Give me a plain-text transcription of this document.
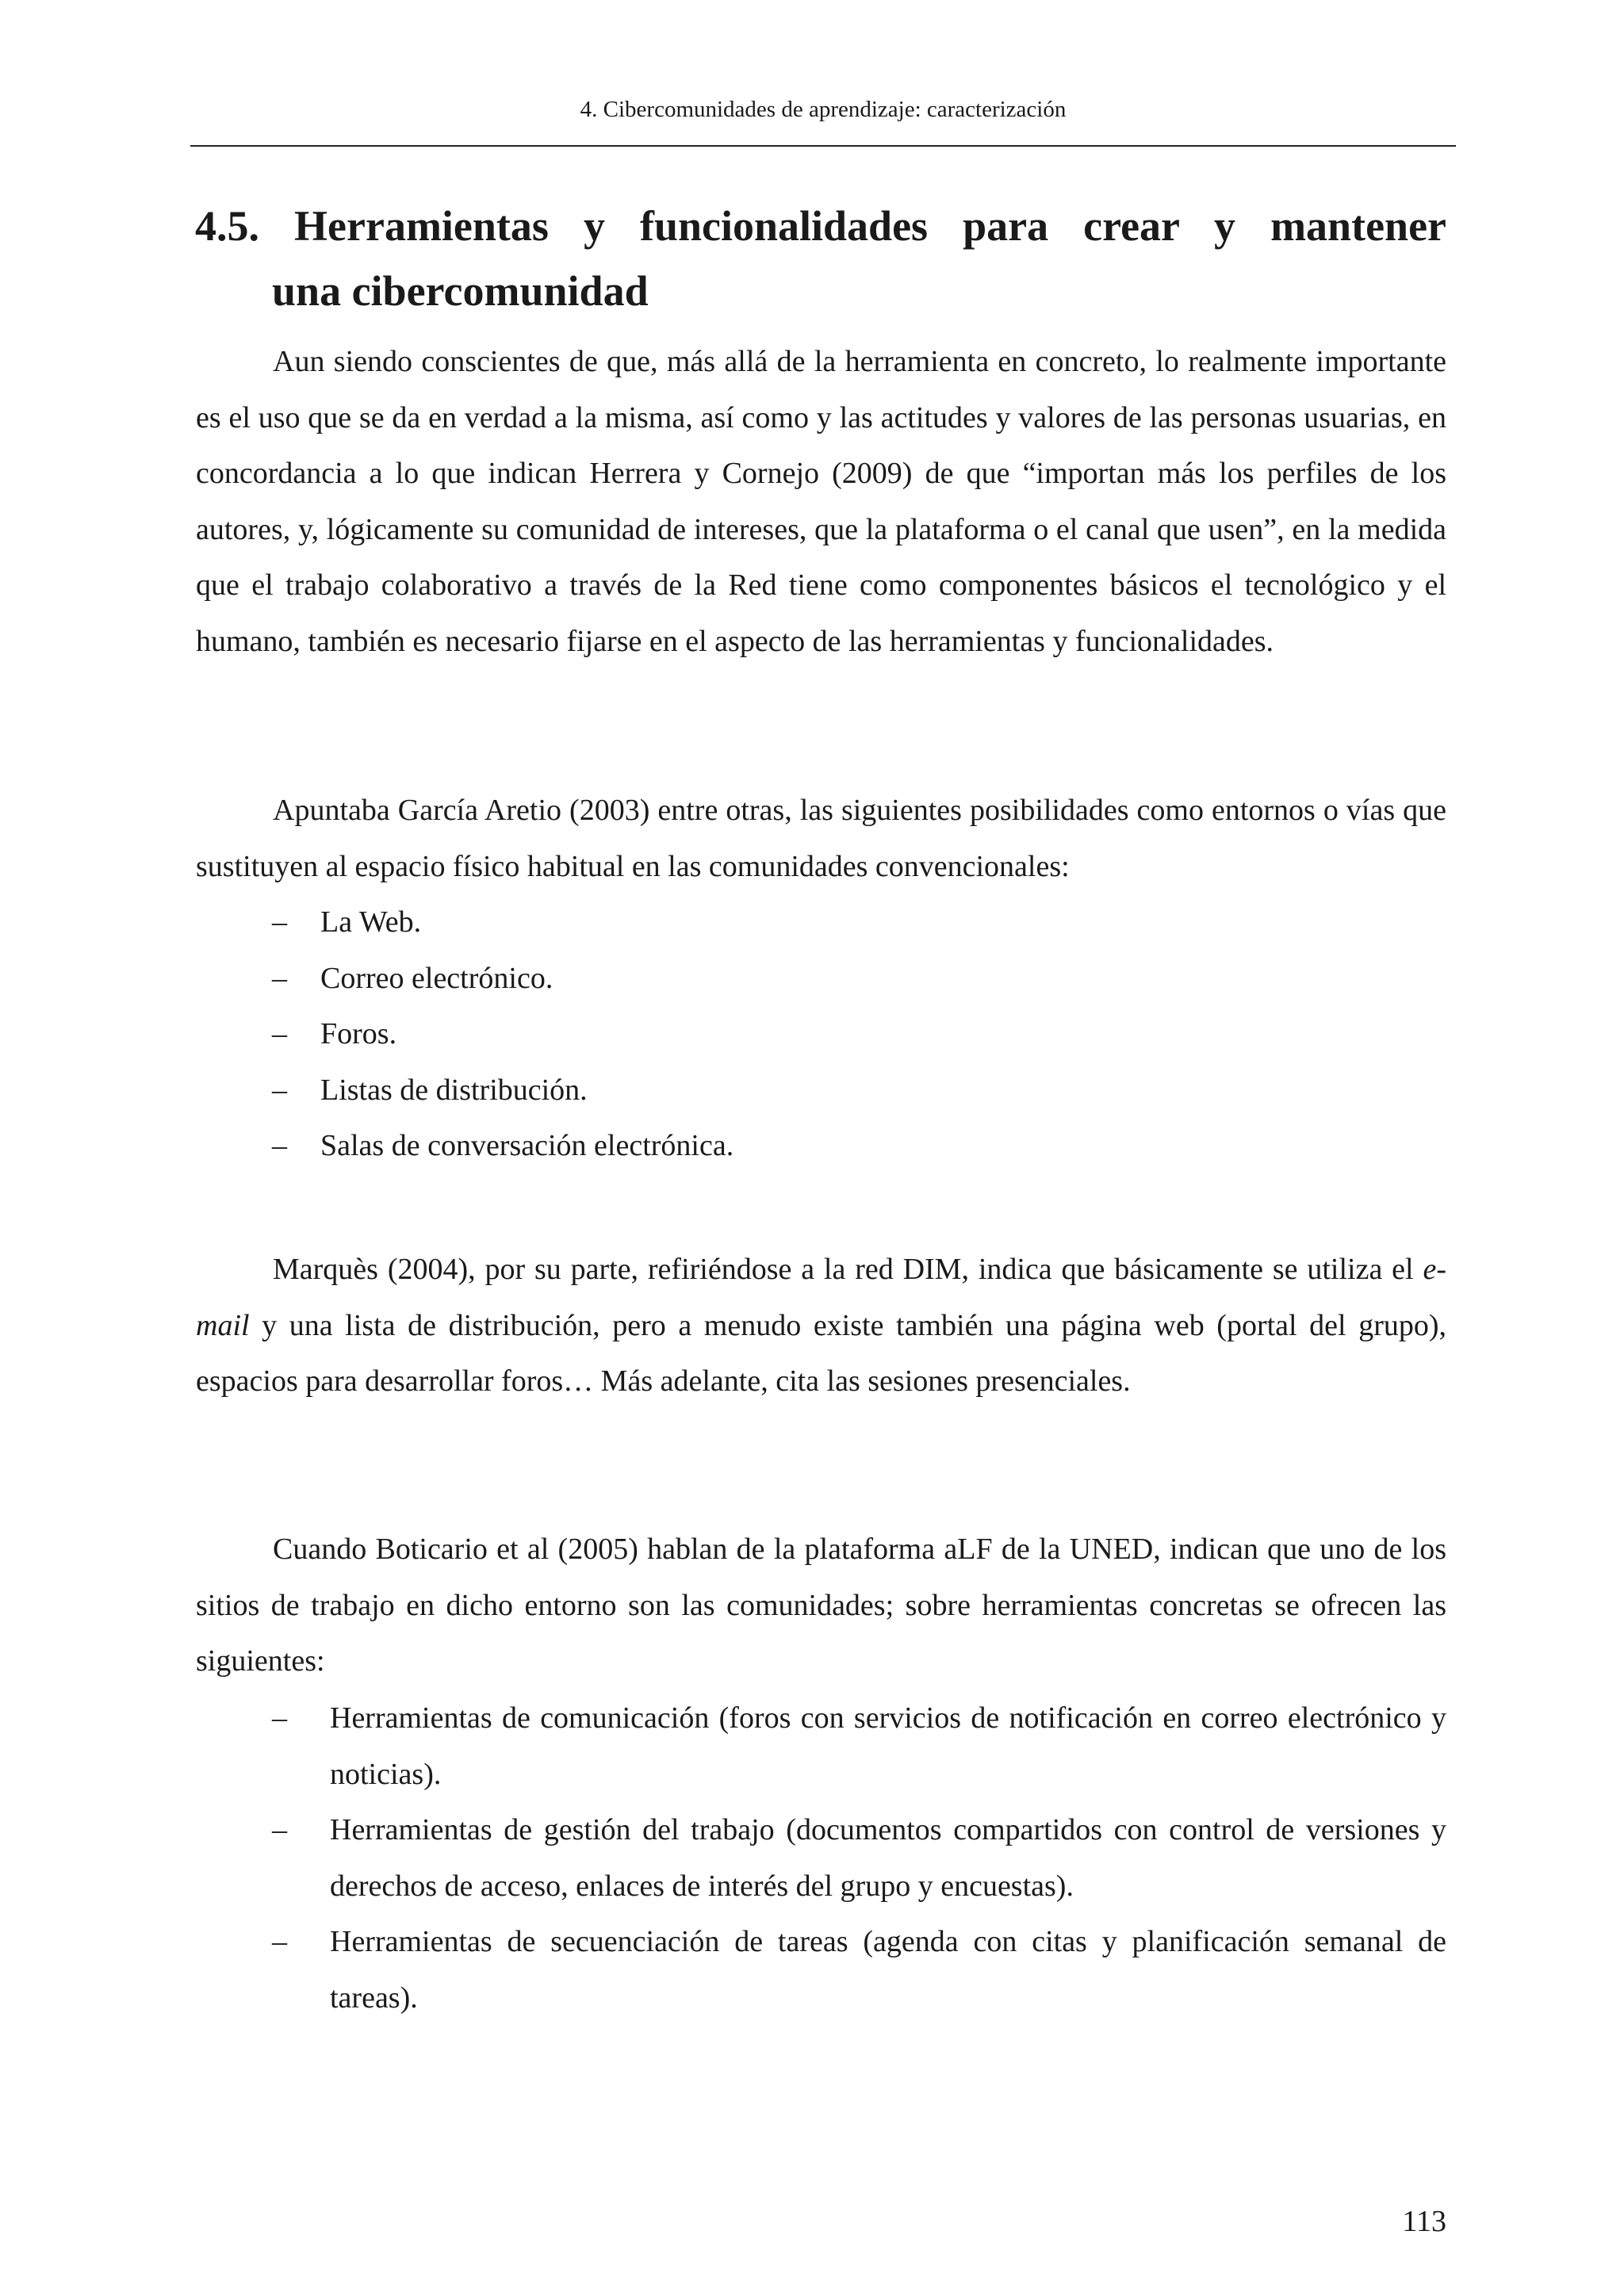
4. Cibercomunidades de aprendizaje: caracterización
4.5. Herramientas y funcionalidades para crear y mantener
una cibercomunidad

Aun siendo conscientes de que, más allá de la herramienta en concreto, lo realmente importante es el uso que se da en verdad a la misma, así como y las actitudes y valores de las personas usuarias, en concordancia a lo que indican Herrera y Cornejo (2009) de que “importan más los perfiles de los autores, y, lógicamente su comunidad de intereses, que la plataforma o el canal que usen”, en la medida que el trabajo colaborativo a través de la Red tiene como componentes básicos el tecnológico y el humano, también es necesario fijarse en el aspecto de las herramientas y funcionalidades.

Apuntaba García Aretio (2003) entre otras, las siguientes posibilidades como entornos o vías que sustituyen al espacio físico habitual en las comunidades convencionales:

– La Web.
– Correo electrónico.
– Foros.
– Listas de distribución.
– Salas de conversación electrónica.

Marquès (2004), por su parte, refiriéndose a la red DIM, indica que básicamente se utiliza el e-mail y una lista de distribución, pero a menudo existe también una página web (portal del grupo), espacios para desarrollar foros… Más adelante, cita las sesiones presenciales.

Cuando Boticario et al (2005) hablan de la plataforma aLF de la UNED, indican que uno de los sitios de trabajo en dicho entorno son las comunidades; sobre herramientas concretas se ofrecen las siguientes:

– Herramientas de comunicación (foros con servicios de notificación en correo electrónico y noticias).
– Herramientas de gestión del trabajo (documentos compartidos con control de versiones y derechos de acceso, enlaces de interés del grupo y encuestas).
– Herramientas de secuenciación de tareas (agenda con citas y planificación semanal de tareas).
113
